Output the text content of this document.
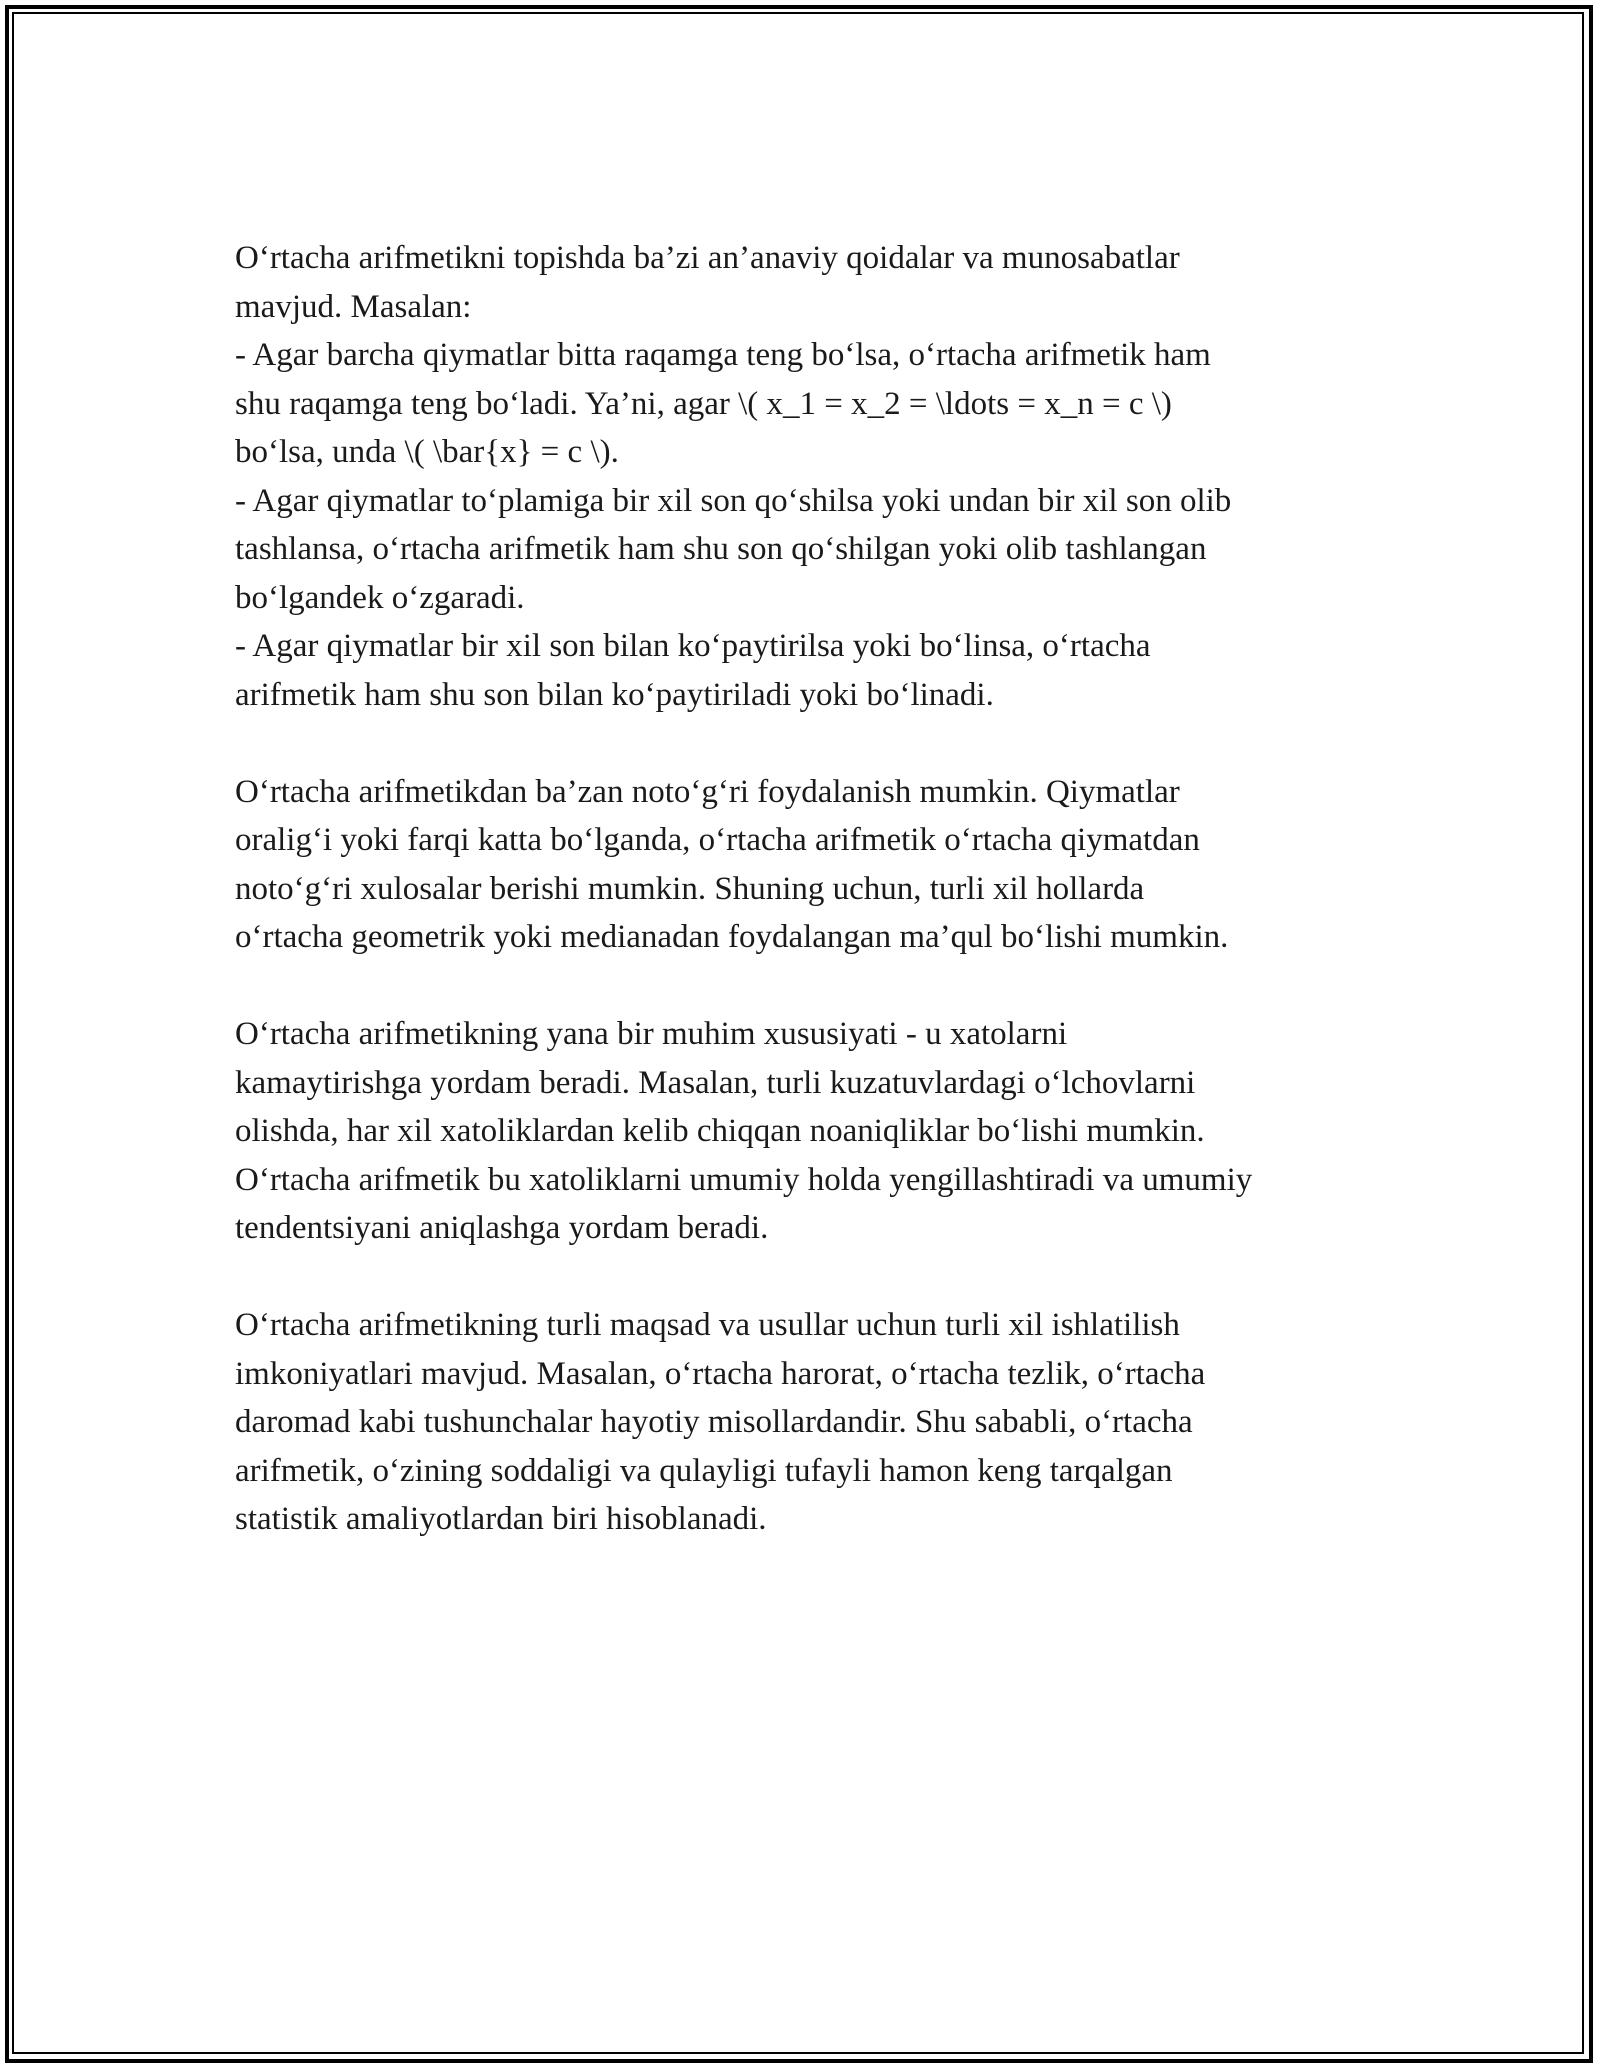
O‘rtacha arifmetikni topishda ba’zi an’anaviy qoidalar va munosabatlar

mavjud. Masalan:

- Agar barcha qiymatlar bitta raqamga teng bo‘lsa, o‘rtacha arifmetik ham

shu raqamga teng bo‘ladi. Ya’ni, agar \( x_1 = x_2 = \ldots = x_n = c \)

bo‘lsa, unda \( \bar{x} = c \).

- Agar qiymatlar to‘plamiga bir xil son qo‘shilsa yoki undan bir xil son olib

tashlansa, o‘rtacha arifmetik ham shu son qo‘shilgan yoki olib tashlangan

bo‘lgandek o‘zgaradi.

- Agar qiymatlar bir xil son bilan ko‘paytirilsa yoki bo‘linsa, o‘rtacha

arifmetik ham shu son bilan ko‘paytiriladi yoki bo‘linadi.

O‘rtacha arifmetikdan ba’zan noto‘g‘ri foydalanish mumkin. Qiymatlar

oralig‘i yoki farqi katta bo‘lganda, o‘rtacha arifmetik o‘rtacha qiymatdan

noto‘g‘ri xulosalar berishi mumkin. Shuning uchun, turli xil hollarda

o‘rtacha geometrik yoki medianadan foydalangan ma’qul bo‘lishi mumkin.

O‘rtacha arifmetikning yana bir muhim xususiyati - u xatolarni

kamaytirishga yordam beradi. Masalan, turli kuzatuvlardagi o‘lchovlarni

olishda, har xil xatoliklardan kelib chiqqan noaniqliklar bo‘lishi mumkin.

O‘rtacha arifmetik bu xatoliklarni umumiy holda yengillashtiradi va umumiy

tendentsiyani aniqlashga yordam beradi.

O‘rtacha arifmetikning turli maqsad va usullar uchun turli xil ishlatilish

imkoniyatlari mavjud. Masalan, o‘rtacha harorat, o‘rtacha tezlik, o‘rtacha

daromad kabi tushunchalar hayotiy misollardandir. Shu sababli, o‘rtacha

arifmetik, o‘zining soddaligi va qulayligi tufayli hamon keng tarqalgan

statistik amaliyotlardan biri hisoblanadi.
